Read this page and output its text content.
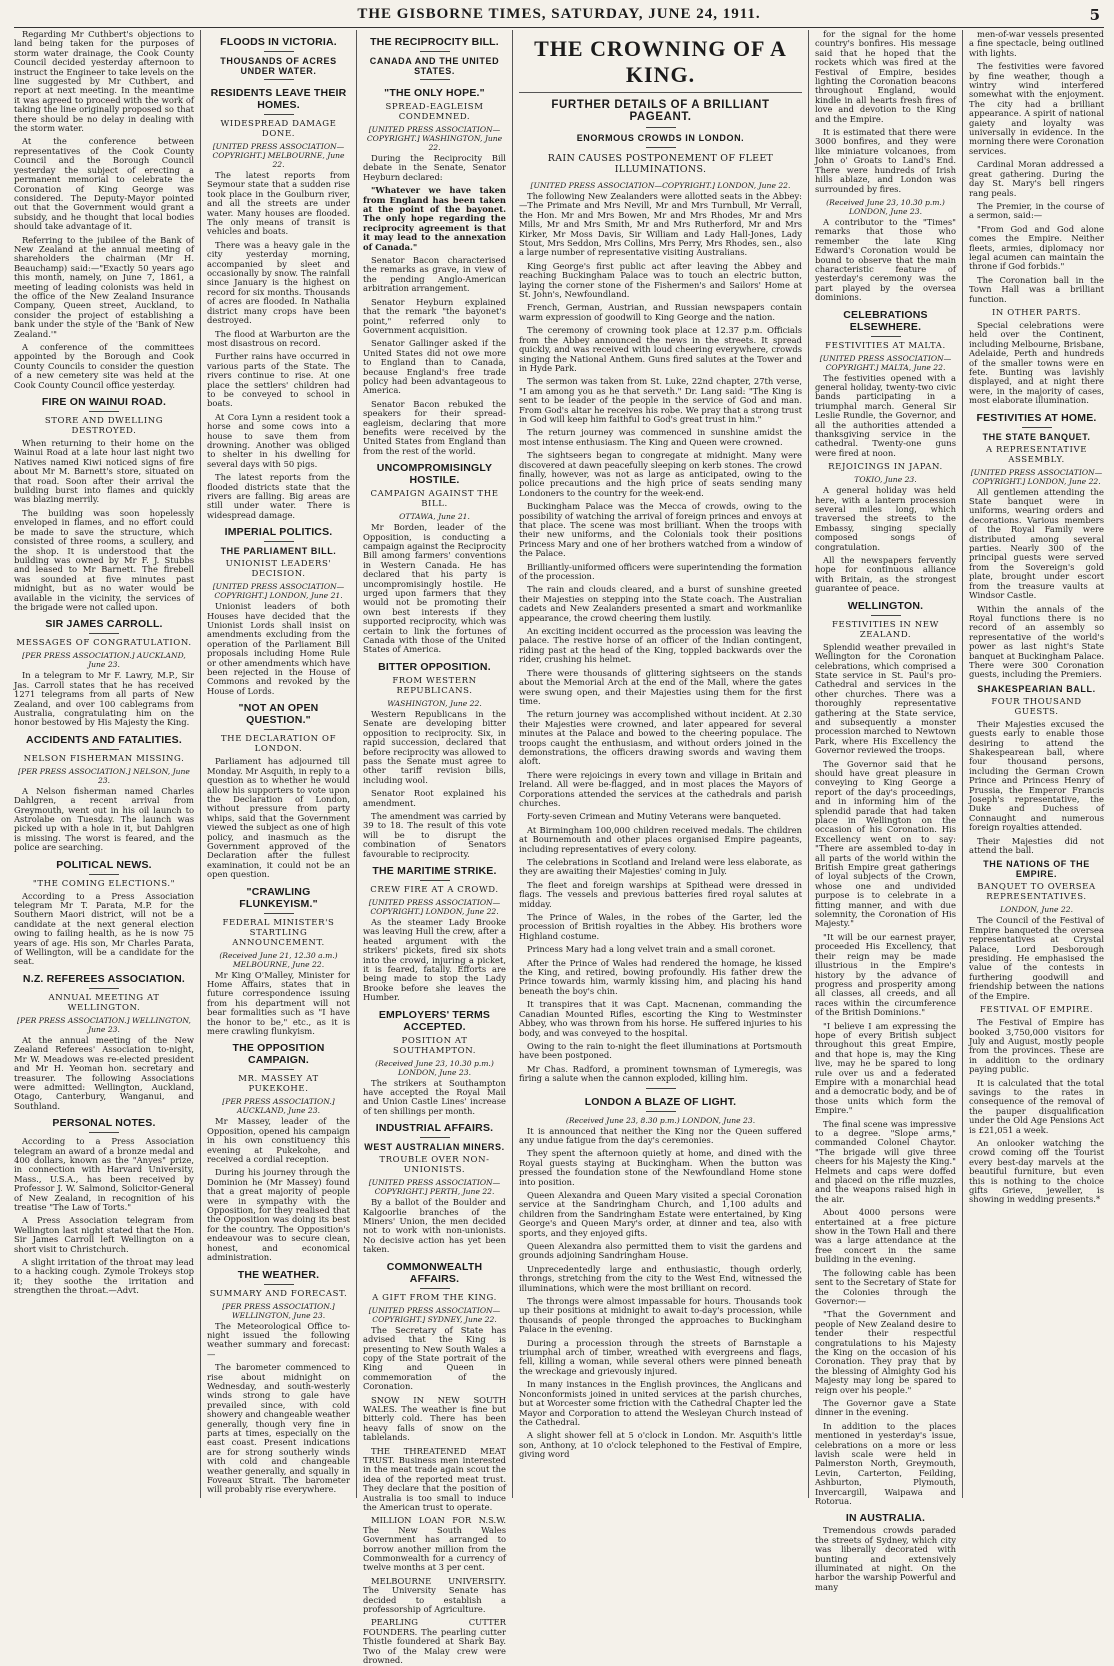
THE GISBORNE TIMES, SATURDAY, JUNE 24, 1911.	5

Regarding Mr Cuthbert's objections to land being taken for the purposes of storm water drainage, the Cook County Council decided yesterday afternoon to instruct the Engineer to take levels on the line suggested by Mr Cuthbert, and report at next meeting. In the meantime it was agreed to proceed with the work of taking the line originally proposed so that there should be no delay in dealing with the storm water.

At the conference between representatives of the Cook County Council and the Borough Council yesterday the subject of erecting a permanent memorial to celebrate the Coronation of King George was considered. The Deputy-Mayor pointed out that the Government would grant a subsidy, and he thought that local bodies should take advantage of it.

Referring to the jubilee of the Bank of New Zealand at the annual meeting of shareholders the chairman (Mr H. Beauchamp) said:—"Exactly 50 years ago this month, namely, on June 7, 1861, a meeting of leading colonists was held in the office of the New Zealand Insurance Company, Queen street, Auckland, to consider the project of establishing a bank under the style of the 'Bank of New Zealand.'"

A conference of the committees appointed by the Borough and Cook County Councils to consider the question of a new cemetery site was held at the Cook County Council office yesterday.

FIRE ON WAINUI ROAD.
STORE AND DWELLING DESTROYED.

When returning to their home on the Wainui Road at a late hour last night two Natives named Kiwi noticed signs of fire about Mr M. Barnett's store, situated on that road. Soon after their arrival the building burst into flames and quickly was blazing merrily.

The building was soon hopelessly enveloped in flames, and no effort could be made to save the structure, which consisted of three rooms, a scullery, and the shop. It is understood that the building was owned by Mr F. J. Stubbs and leased to Mr Barnett. The firebell was sounded at five minutes past midnight, but as no water would be available in the vicinity, the services of the brigade were not called upon.

SIR JAMES CARROLL.
MESSAGES OF CONGRATULATION.
[PER PRESS ASSOCIATION.] AUCKLAND, June 23.

In a telegram to Mr F. Lawry, M.P., Sir Jas. Carroll states that he has received 1271 telegrams from all parts of New Zealand, and over 100 cablegrams from Australia, congratulating him on the honor bestowed by His Majesty the King.

ACCIDENTS AND FATALITIES.
NELSON FISHERMAN MISSING.
[PER PRESS ASSOCIATION.] NELSON, June 23.

A Nelson fisherman named Charles Dahlgren, a recent arrival from Greymouth, went out in his oil launch to Astrolabe on Tuesday. The launch was picked up with a hole in it, but Dahlgren is missing. The worst is feared, and the police are searching.

POLITICAL NEWS.
"THE COMING ELECTIONS."

According to a Press Association telegram Mr T. Parata, M.P. for the Southern Maori district, will not be a candidate at the next general election owing to failing health, as he is now 75 years of age. His son, Mr Charles Parata, of Wellington, will be a candidate for the seat.

N.Z. REFEREES ASSOCIATION.
ANNUAL MEETING AT WELLINGTON.
[PER PRESS ASSOCIATION.] WELLINGTON, June 23.

At the annual meeting of the New Zealand Referees' Association to-night, Mr W. Meadows was re-elected president and Mr H. Yeoman hon. secretary and treasurer. The following Associations were admitted: Wellington, Auckland, Otago, Canterbury, Wanganui, and Southland.

PERSONAL NOTES.

According to a Press Association telegram an award of a bronze medal and 400 dollars, known as the "Anyes" prize, in connection with Harvard University, Mass., U.S.A., has been received by Professor J. W. Salmond, Solicitor-General of New Zealand, in recognition of his treatise "The Law of Torts."

A Press Association telegram from Wellington last night stated that the Hon. Sir James Carroll left Wellington on a short visit to Christchurch.

A slight irritation of the throat may lead to a hacking cough. Zymole Trokeys stop it; they soothe the irritation and strengthen the throat.—Advt.

FLOODS IN VICTORIA.
THOUSANDS OF ACRES UNDER WATER.
RESIDENTS LEAVE THEIR HOMES.
WIDESPREAD DAMAGE DONE.
[UNITED PRESS ASSOCIATION—COPYRIGHT.] MELBOURNE, June 22.

The latest reports from Seymour state that a sudden rise took place in the Goulburn river, and all the streets are under water. Many houses are flooded. The only means of transit is vehicles and boats.

There was a heavy gale in the city yesterday morning, accompanied by sleet and occasionally by snow. The rainfall since January is the highest on record for six months. Thousands of acres are flooded. In Nathalia district many crops have been destroyed.

The flood at Warburton are the most disastrous on record.

Further rains have occurred in various parts of the State. The rivers continue to rise. At one place the settlers' children had to be conveyed to school in boats.

At Cora Lynn a resident took a horse and some cows into a house to save them from drowning. Another was obliged to shelter in his dwelling for several days with 50 pigs.

The latest reports from the flooded districts state that the rivers are falling. Big areas are still under water. There is widespread damage.

IMPERIAL POLITICS.
THE PARLIAMENT BILL.
UNIONIST LEADERS' DECISION.
[UNITED PRESS ASSOCIATION—COPYRIGHT.] LONDON, June 21.

Unionist leaders of both Houses have decided that the Unionist Lords shall insist on amendments excluding from the operation of the Parliament Bill proposals including Home Rule or other amendments which have been rejected in the House of Commons and revoked by the House of Lords.

"NOT AN OPEN QUESTION."
THE DECLARATION OF LONDON.

Parliament has adjourned till Monday. Mr Asquith, in reply to a question as to whether he would allow his supporters to vote upon the Declaration of London, without pressure from party whips, said that the Government viewed the subject as one of high policy, and inasmuch as the Government approved of the Declaration after the fullest examination, it could not be an open question.

"CRAWLING FLUNKEYISM."
FEDERAL MINISTER'S STARTLING ANNOUNCEMENT.
(Received June 21, 12.30 a.m.) MELBOURNE, June 22.

Mr King O'Malley, Minister for Home Affairs, states that in future correspondence issuing from his department will not bear formalities such as "I have the honor to be," etc., as it is mere crawling flunkyism.

THE OPPOSITION CAMPAIGN.
MR. MASSEY AT PUKEKOHE.
[PER PRESS ASSOCIATION.] AUCKLAND, June 23.

Mr Massey, leader of the Opposition, opened his campaign in his own constituency this evening at Pukekohe, and received a cordial reception.

During his journey through the Dominion he (Mr Massey) found that a great majority of people were in sympathy with the Opposition, for they realised that the Opposition was doing its best for the country. The Opposition's endeavour was to secure clean, honest, and economical administration.

THE WEATHER.
SUMMARY AND FORECAST.
[PER PRESS ASSOCIATION.] WELLINGTON, June 23.

The Meteorological Office to-night issued the following weather summary and forecast:—

The barometer commenced to rise about midnight on Wednesday, and south-westerly winds strong to gale have prevailed since, with cold showery and changeable weather generally, though very fine in parts at times, especially on the east coast. Present indications are for strong southerly winds with cold and changeable weather generally, and squally in Foveaux Strait. The barometer will probably rise everywhere.

THE RECIPROCITY BILL.
CANADA AND THE UNITED STATES.
"THE ONLY HOPE."
SPREAD-EAGLEISM CONDEMNED.
[UNITED PRESS ASSOCIATION—COPYRIGHT.] WASHINGTON, June 22.

During the Reciprocity Bill debate in the Senate, Senator Heyburn declared:

"Whatever we have taken from England has been taken at the point of the bayonet. The only hope regarding the reciprocity agreement is that it may lead to the annexation of Canada."

Senator Bacon characterised the remarks as grave, in view of the pending Anglo-American arbitration arrangement.

Senator Heyburn explained that the remark "the bayonet's point," referred only to Government acquisition.

Senator Gallinger asked if the United States did not owe more to England than to Canada, because England's free trade policy had been advantageous to America.

Senator Bacon rebuked the speakers for their spread-eagleism, declaring that more benefits were received by the United States from England than from the rest of the world.

UNCOMPROMISINGLY HOSTILE.
CAMPAIGN AGAINST THE BILL.
OTTAWA, June 21.

Mr Borden, leader of the Opposition, is conducting a campaign against the Reciprocity Bill among farmers' conventions in Western Canada. He has declared that his party is uncompromisingly hostile. He urged upon farmers that they would not be promoting their own best interests if they supported reciprocity, which was certain to link the fortunes of Canada with those of the United States of America.

BITTER OPPOSITION.
FROM WESTERN REPUBLICANS.
WASHINGTON, June 22.

Western Republicans in the Senate are developing bitter opposition to reciprocity. Six, in rapid succession, declared that before reciprocity was allowed to pass the Senate must agree to other tariff revision bills, including wool.

Senator Root explained his amendment.

The amendment was carried by 39 to 18. The result of this vote will be to disrupt the combination of Senators favourable to reciprocity.

THE MARITIME STRIKE.
CREW FIRE AT A CROWD.
[UNITED PRESS ASSOCIATION—COPYRIGHT.] LONDON, June 22.

As the steamer Lady Brooke was leaving Hull the crew, after a heated argument with the strikers' pickets, fired six shots into the crowd, injuring a picket, it is feared, fatally. Efforts are being made to stop the Lady Brooke before she leaves the Humber.

EMPLOYERS' TERMS ACCEPTED.
POSITION AT SOUTHAMPTON.
(Received June 23, 10.30 p.m.) LONDON, June 23.

The strikers at Southampton have accepted the Royal Mail and Union Castle Lines' increase of ten shillings per month.

INDUSTRIAL AFFAIRS.
WEST AUSTRALIAN MINERS.
TROUBLE OVER NON-UNIONISTS.
[UNITED PRESS ASSOCIATION—COPYRIGHT.] PERTH, June 22.

By a ballot of the Boulder and Kalgoorlie branches of the Miners' Union, the men decided not to work with non-unionists. No decisive action has yet been taken.

COMMONWEALTH AFFAIRS.
A GIFT FROM THE KING.
[UNITED PRESS ASSOCIATION—COPYRIGHT.] SYDNEY, June 22.

The Secretary of State has advised that the King is presenting to New South Wales a copy of the State portrait of the King and Queen in commemoration of the Coronation.

SNOW IN NEW SOUTH WALES. The weather is fine but bitterly cold. There has been heavy falls of snow on the tablelands.

THE THREATENED MEAT TRUST. Business men interested in the meat trade again scout the idea of the reported meat trust. They declare that the position of Australia is too small to induce the American trust to operate.

MILLION LOAN FOR N.S.W. The New South Wales Government has arranged to borrow another million from the Commonwealth for a currency of twelve months at 3 per cent.

MELBOURNE UNIVERSITY. The University Senate has decided to establish a professorship of Agriculture.

PEARLING CUTTER FOUNDERS. The pearling cutter Thistle foundered at Shark Bay. Two of the Malay crew were drowned.

THE CROWNING OF A KING.
FURTHER DETAILS OF A BRILLIANT PAGEANT.
ENORMOUS CROWDS IN LONDON.
RAIN CAUSES POSTPONEMENT OF FLEET ILLUMINATIONS.
[UNITED PRESS ASSOCIATION—COPYRIGHT.] LONDON, June 22.

The following New Zealanders were allotted seats in the Abbey:—The Primate and Mrs Nevill, Mr and Mrs Turnbull, Mr Verrall, the Hon. Mr and Mrs Bowen, Mr and Mrs Rhodes, Mr and Mrs Mills, Mr and Mrs Smith, Mr and Mrs Rutherford, Mr and Mrs Kirker, Mr Moss Davis, Sir William and Lady Hall-Jones, Lady Stout, Mrs Seddon, Mrs Collins, Mrs Perry, Mrs Rhodes, sen., also a large number of representative visiting Australians.

King George's first public act after leaving the Abbey and reaching Buckingham Palace was to touch an electric button, laying the corner stone of the Fishermen's and Sailors' Home at St. John's, Newfoundland.

French, German, Austrian, and Russian newspapers contain warm expression of goodwill to King George and the nation.

The ceremony of crowning took place at 12.37 p.m. Officials from the Abbey announced the news in the streets. It spread quickly, and was received with loud cheering everywhere, crowds singing the National Anthem. Guns fired salutes at the Tower and in Hyde Park.

The sermon was taken from St. Luke, 22nd chapter, 27th verse, "I am among you as he that serveth." Dr. Lang said: "The King is sent to be leader of the people in the service of God and man. From God's altar he receives his robe. We pray that a strong trust in God will keep him faithful to God's great trust in him."

The return journey was commenced in sunshine amidst the most intense enthusiasm. The King and Queen were crowned.

The sightseers began to congregate at midnight. Many were discovered at dawn peacefully sleeping on kerb stones. The crowd finally, however, was not as large as anticipated, owing to the police precautions and the high price of seats sending many Londoners to the country for the week-end.

Buckingham Palace was the Mecca of crowds, owing to the possibility of watching the arrival of foreign princes and envoys at that place. The scene was most brilliant. When the troops with their new uniforms, and the Colonials took their positions Princess Mary and one of her brothers watched from a window of the Palace.

Brilliantly-uniformed officers were superintending the formation of the procession.

The rain and clouds cleared, and a burst of sunshine greeted their Majesties on stepping into the State coach. The Australian cadets and New Zealanders presented a smart and workmanlike appearance, the crowd cheering them lustily.

An exciting incident occurred as the procession was leaving the palace. The restive horse of an officer of the Indian contingent, riding past at the head of the King, toppled backwards over the rider, crushing his helmet.

There were thousands of glittering sightseers on the stands about the Memorial Arch at the end of the Mall, where the gates were swung open, and their Majesties using them for the first time.

The return journey was accomplished without incident. At 2.30 their Majesties were crowned, and later appeared for several minutes at the Palace and bowed to the cheering populace. The troops caught the enthusiasm, and without orders joined in the demonstrations, the officers drawing swords and waving them aloft.

There were rejoicings in every town and village in Britain and Ireland. All were be-flagged, and in most places the Mayors of Corporations attended the services at the cathedrals and parish churches.

Forty-seven Crimean and Mutiny Veterans were banqueted.

At Birmingham 100,000 children received medals. The children at Bournemouth and other places organised Empire pageants, including representatives of every colony.

The celebrations in Scotland and Ireland were less elaborate, as they are awaiting their Majesties' coming in July.

The fleet and foreign warships at Spithead were dressed in flags. The vessels and previous batteries fired royal salutes at midday.

The Prince of Wales, in the robes of the Garter, led the procession of British royalties in the Abbey. His brothers wore Highland costume.

Princess Mary had a long velvet train and a small coronet.

After the Prince of Wales had rendered the homage, he kissed the King, and retired, bowing profoundly. His father drew the Prince towards him, warmly kissing him, and placing his hand beneath the boy's chin.

It transpires that it was Capt. Macnenan, commanding the Canadian Mounted Rifles, escorting the King to Westminster Abbey, who was thrown from his horse. He suffered injuries to his body, and was conveyed to the hospital.

Owing to the rain to-night the fleet illuminations at Portsmouth have been postponed.

Mr Chas. Radford, a prominent townsman of Lymeregis, was firing a salute when the cannon exploded, killing him.

LONDON A BLAZE OF LIGHT.
(Received June 23, 8.30 p.m.) LONDON, June 23.

It is announced that neither the King nor the Queen suffered any undue fatigue from the day's ceremonies.

They spent the afternoon quietly at home, and dined with the Royal guests staying at Buckingham. When the button was pressed the foundation stone of the Newfoundland Home stone into position.

Queen Alexandra and Queen Mary visited a special Coronation service at the Sandringham Church, and 1,100 adults and children from the Sandringham Estate were entertained, by King George's and Queen Mary's order, at dinner and tea, also with sports, and they enjoyed gifts.

Queen Alexandra also permitted them to visit the gardens and grounds adjoining Sandringham House.

Unprecedentedly large and enthusiastic, though orderly, throngs, stretching from the city to the West End, witnessed the illuminations, which were the most brilliant on record.

The throngs were almost impassable for hours. Thousands took up their positions at midnight to await to-day's procession, while thousands of people thronged the approaches to Buckingham Palace in the evening.

During a procession through the streets of Barnstaple a triumphal arch of timber, wreathed with evergreens and flags, fell, killing a woman, while several others were pinned beneath the wreckage and grievously injured.

In many instances in the English provinces, the Anglicans and Nonconformists joined in united services at the parish churches, but at Worcester some friction with the Cathedral Chapter led the Mayor and Corporation to attend the Wesleyan Church instead of the Cathedral.

A slight shower fell at 5 o'clock in London. Mr. Asquith's little son, Anthony, at 10 o'clock telephoned to the Festival of Empire, giving word

for the signal for the home country's bonfires. His message said that he hoped that the rockets which was fired at the Festival of Empire, besides lighting the Coronation beacons throughout England, would kindle in all hearts fresh fires of love and devotion to the King and the Empire.

It is estimated that there were 3000 bonfires, and they were like miniature volcanoes, from John o' Groats to Land's End. There were hundreds of Irish hills ablaze, and London was surrounded by fires.

(Received June 23, 10.30 p.m.) LONDON, June 23.

A contributor to the "Times" remarks that those who remember the late King Edward's Coronation would be bound to observe that the main characteristic feature of yesterday's ceremony was the part played by the oversea dominions.

CELEBRATIONS ELSEWHERE.
FESTIVITIES AT MALTA.
[UNITED PRESS ASSOCIATION—COPYRIGHT.] MALTA, June 22.

The festivities opened with a general holiday, twenty-two civic bands participating in a triumphal march. General Sir Leslie Rundle, the Governor, and all the authorities attended a thanksgiving service in the cathedral. Twenty-one guns were fired at noon.

REJOICINGS IN JAPAN.
TOKIO, June 23.

A general holiday was held here, with a lantern procession several miles long, which traversed the streets to the Embassy, singing specially composed songs of congratulation.

All the newspapers fervently hope for continuous alliance with Britain, as the strongest guarantee of peace.

WELLINGTON.
FESTIVITIES IN NEW ZEALAND.

Splendid weather prevailed in Wellington for the Coronation celebrations, which comprised a State service in St. Paul's pro-Cathedral and services in the other churches. There was a thoroughly representative gathering at the State service, and subsequently a monster procession marched to Newtown Park, where His Excellency the Governor reviewed the troops.

The Governor said that he should have great pleasure in conveying to King George a report of the day's proceedings, and in informing him of the splendid parade that had taken place in Wellington on the occasion of his Coronation. His Excellency went on to say: "There are assembled to-day in all parts of the world within the British Empire great gatherings of loyal subjects of the Crown, whose one and undivided purpose is to celebrate in a fitting manner, and with due solemnity, the Coronation of His Majesty."

"It will be our earnest prayer, proceeded His Excellency, that their reign may be made illustrious in the Empire's history by the advance of progress and prosperity among all classes, all creeds, and all races within the circumference of the British Dominions."

"I believe I am expressing the hope of every British subject throughout this great Empire, and that hope is, may the King live, may he be spared to long rule over us and a federated Empire with a monarchial head and a democratic body, and be of those units which form the Empire."

The final scene was impressive to a degree. "Slope arms," commanded Colonel Chaytor. "The brigade will give three cheers for his Majesty the King." Helmets and caps were doffed and placed on the rifle muzzles, and the weapons raised high in the air.

About 4000 persons were entertained at a free picture show in the Town Hall and there was a large attendance at the free concert in the same building in the evening.

The following cable has been sent to the Secretary of State for the Colonies through the Governor:—

"That the Government and people of New Zealand desire to tender their respectful congratulations to his Majesty the King on the occasion of his Coronation. They pray that by the blessing of Almighty God his Majesty may long be spared to reign over his people."

The Governor gave a State dinner in the evening.

In addition to the places mentioned in yesterday's issue, celebrations on a more or less lavish scale were held in Palmerston North, Greymouth, Levin, Carterton, Feilding, Ashburton, Plymouth, Invercargill, Waipawa and Rotorua.

IN AUSTRALIA.

Tremendous crowds paraded the streets of Sydney, which city was liberally decorated with bunting and extensively illuminated at night. On the harbor the warship Powerful and many

men-of-war vessels presented a fine spectacle, being outlined with lights.

The festivities were favored by fine weather, though a wintry wind interfered somewhat with the enjoyment. The city had a brilliant appearance. A spirit of national gaiety and loyalty was universally in evidence. In the morning there were Coronation services.

Cardinal Moran addressed a great gathering. During the day St. Mary's bell ringers rang peals.

The Premier, in the course of a sermon, said:—

"From God and God alone comes the Empire. Neither fleets, armies, diplomacy nor legal acumen can maintain the throne if God forbids."

The Coronation ball in the Town Hall was a brilliant function.

IN OTHER PARTS.

Special celebrations were held over the Continent, including Melbourne, Brisbane, Adelaide, Perth and hundreds of the smaller towns were en fete. Bunting was lavishly displayed, and at night there were, in the majority of cases, most elaborate illumination.

FESTIVITIES AT HOME.
THE STATE BANQUET.
A REPRESENTATIVE ASSEMBLY.
[UNITED PRESS ASSOCIATION—COPYRIGHT.] LONDON, June 22.

All gentlemen attending the State banquet were in uniforms, wearing orders and decorations. Various members of the Royal Family were distributed among several parties. Nearly 300 of the principal guests were served from the Sovereign's gold plate, brought under escort from the treasure vaults at Windsor Castle.

Within the annals of the Royal functions there is no record of an assembly so representative of the world's power as last night's State banquet at Buckingham Palace. There were 300 Coronation guests, including the Premiers.

SHAKESPEARIAN BALL.
FOUR THOUSAND GUESTS.

Their Majesties excused the guests early to enable those desiring to attend the Shakespearean ball, where four thousand persons, including the German Crown Prince and Princess Henry of Prussia, the Emperor Francis Joseph's representative, the Duke and Duchess of Connaught and numerous foreign royalties attended.

Their Majesties did not attend the ball.

THE NATIONS OF THE EMPIRE.
BANQUET TO OVERSEA REPRESENTATIVES.
LONDON, June 22.

The Council of the Festival of Empire banqueted the oversea representatives at Crystal Palace, Lord Desborough presiding. He emphasised the value of the contests in furthering goodwill and friendship between the nations of the Empire.

FESTIVAL OF EMPIRE.

The Festival of Empire has booked 3,750,000 visitors for July and August, mostly people from the provinces. These are in addition to the ordinary paying public.

It is calculated that the total savings to the rates in consequence of the removal of the pauper disqualification under the Old Age Pensions Act is £21,051 a week.

An onlooker watching the crowd coming off the Tourist every best-day marvels at the beautiful furniture, but even this is nothing to the choice gifts Grieve, jeweller, is showing in wedding presents.*
